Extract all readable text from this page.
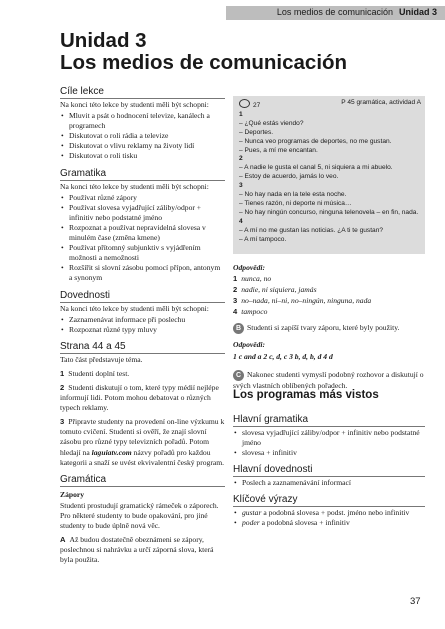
Los medios de comunicación Unidad 3
Unidad 3
Los medios de comunicación
Cíle lekce
Na konci této lekce by studenti měli být schopni:
• Mluvit a psát o hodnocení televize, kanálech a programech
• Diskutovat o roli rádia a televize
• Diskutovat o vlivu reklamy na životy lidí
• Diskutovat o roli tisku
Gramatika
Na konci této lekce by studenti měli být schopni:
• Používat různé zápory
• Používat slovesa vyjadřující záliby/odpor + infinitiv nebo podstatné jméno
• Rozpoznat a používat nepravidelná slovesa v minulém čase (změna kmene)
• Používat přítomný subjunktiv s vyjádřením možnosti a nemožnosti
• Rozšířit si slovní zásobu pomocí přípon, antonym a synonym
Dovednosti
Na konci této lekce by studenti měli být schopni:
• Zaznamenávat informace při poslechu
• Rozpoznat různé typy mluvy
Strana 44 a 45
Tato část představuje téma.
1 Studenti doplní test.
2 Studenti diskutují o tom, které typy médií nejlépe informují lidi. Potom mohou debatovat o různých typech reklamy.
3 Připravte studenty na provedení on-line výzkumu k tomuto cvičení. Studenti si ověří, že znají slovní zásobu pro různé typy televizních pořadů. Potom hledají na laguiatv.com názvy pořadů pro každou kategorii a snaží se uvést ekvivalentní český program.
Gramática
Zápory
Studenti prostudují gramatický rámeček o záporech. Pro některé studenty to bude opakování, pro jiné studenty to bude úplně nová věc.
A Až budou dostatečně obeznámeni se zápory, poslechnou si nahrávku a určí záporná slova, která byla použita.
27	P 45 gramática, actividad A
1
– ¿Qué estás viendo?
– Deportes.
– Nunca veo programas de deportes, no me gustan.
– Pues, a mí me encantan.
2
– A nadie le gusta el canal 5, ni siquiera a mi abuelo.
– Estoy de acuerdo, jamás lo veo.
3
– No hay nada en la tele esta noche.
– Tienes razón, ni deporte ni música…
– No hay ningún concurso, ninguna telenovela – en fin, nada.
4
– A mí no me gustan las noticias. ¿A ti te gustan?
– A mí tampoco.
Odpovědi:
1 nunca, no
2 nadie, ni siquiera, jamás
3 no–nada, ni–ni, no–ningún, ninguna, nada
4 tampoco
B Studenti si zapíší tvary záporu, které byly použity.
Odpovědi:
1 c and a 2 c, d, c 3 b, d, b, d 4 d
C Nakonec studenti vymyslí podobný rozhovor a diskutují o svých vlastních oblíbených pořadech.
Los programas más vistos
Hlavní gramatika
• slovesa vyjadřující záliby/odpor + infinitiv nebo podstatné jméno
• slovesa + infinitiv
Hlavní dovednosti
• Poslech a zaznamenávání informací
Klíčové výrazy
• gustar a podobná slovesa + podst. jméno nebo infinitiv
• poder a podobná slovesa + infinitiv
37
